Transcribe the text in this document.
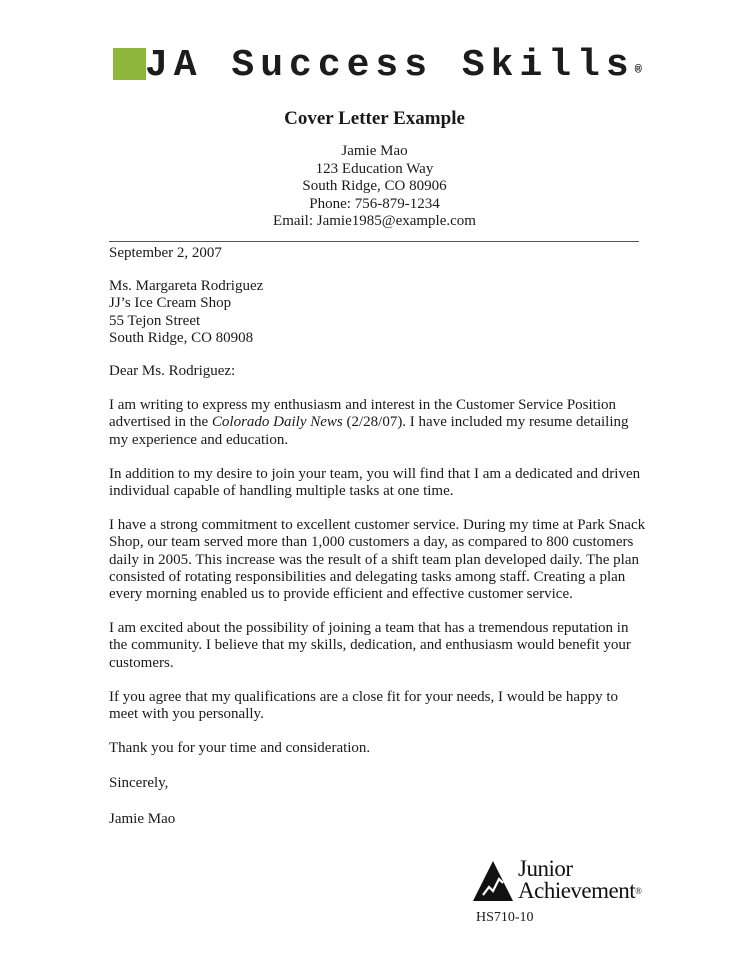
JA Success Skills®
Cover Letter Example
Jamie Mao
123 Education Way
South Ridge, CO 80906
Phone: 756-879-1234
Email: Jamie1985@example.com

September 2, 2007

Ms. Margareta Rodriguez
JJ’s Ice Cream Shop
55 Tejon Street
South Ridge, CO 80908

Dear Ms. Rodriguez:

I am writing to express my enthusiasm and interest in the Customer Service Position advertised in the Colorado Daily News (2/28/07). I have included my resume detailing my experience and education.

In addition to my desire to join your team, you will find that I am a dedicated and driven individual capable of handling multiple tasks at one time.

I have a strong commitment to excellent customer service. During my time at Park Snack Shop, our team served more than 1,000 customers a day, as compared to 800 customers daily in 2005. This increase was the result of a shift team plan developed daily. The plan consisted of rotating responsibilities and delegating tasks among staff. Creating a plan every morning enabled us to provide efficient and effective customer service.

I am excited about the possibility of joining a team that has a tremendous reputation in the community. I believe that my skills, dedication, and enthusiasm would benefit your customers.

If you agree that my qualifications are a close fit for your needs, I would be happy to meet with you personally.

Thank you for your time and consideration.

Sincerely,

Jamie Mao

Junior
Achievement®
HS710-10
